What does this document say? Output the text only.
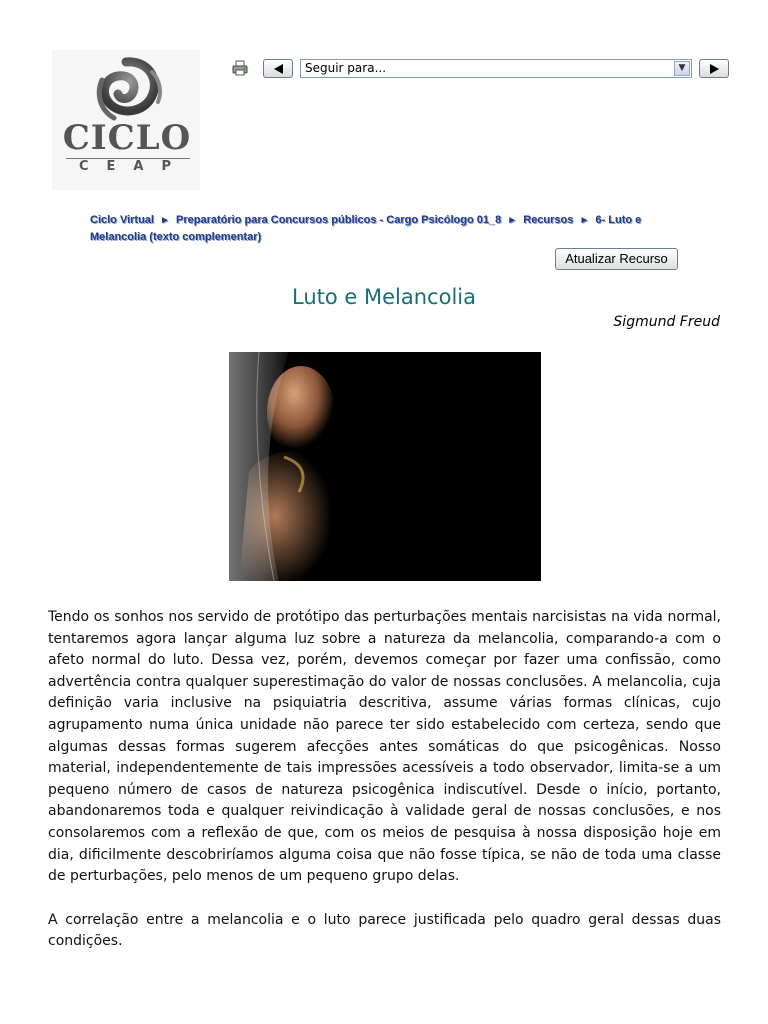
CICLO
CEAP
Seguir para...	▼
Ciclo Virtual ► Preparatório para Concursos públicos - Cargo Psicólogo 01_8 ► Recursos ► 6- Luto e Melancolia (texto complementar)
Atualizar Recurso
Luto e Melancolia
Sigmund Freud

Tendo os sonhos nos servido de protótipo das perturbações mentais narcisistas na vida normal, tentaremos agora lançar alguma luz sobre a natureza da melancolia, comparando-a com o afeto normal do luto. Dessa vez, porém, devemos começar por fazer uma confissão, como advertência contra qualquer superestimação do valor de nossas conclusões. A melancolia, cuja definição varia inclusive na psiquiatria descritiva, assume várias formas clínicas, cujo agrupamento numa única unidade não parece ter sido estabelecido com certeza, sendo que algumas dessas formas sugerem afecções antes somáticas do que psicogênicas. Nosso material, independentemente de tais impressões acessíveis a todo observador, limita-se a um pequeno número de casos de natureza psicogênica indiscutível. Desde o início, portanto, abandonaremos toda e qualquer reivindicação à validade geral de nossas conclusões, e nos consolaremos com a reflexão de que, com os meios de pesquisa à nossa disposição hoje em dia, dificilmente descobriríamos alguma coisa que não fosse típica, se não de toda uma classe de perturbações, pelo menos de um pequeno grupo delas.

A correlação entre a melancolia e o luto parece justificada pelo quadro geral dessas duas condições.
